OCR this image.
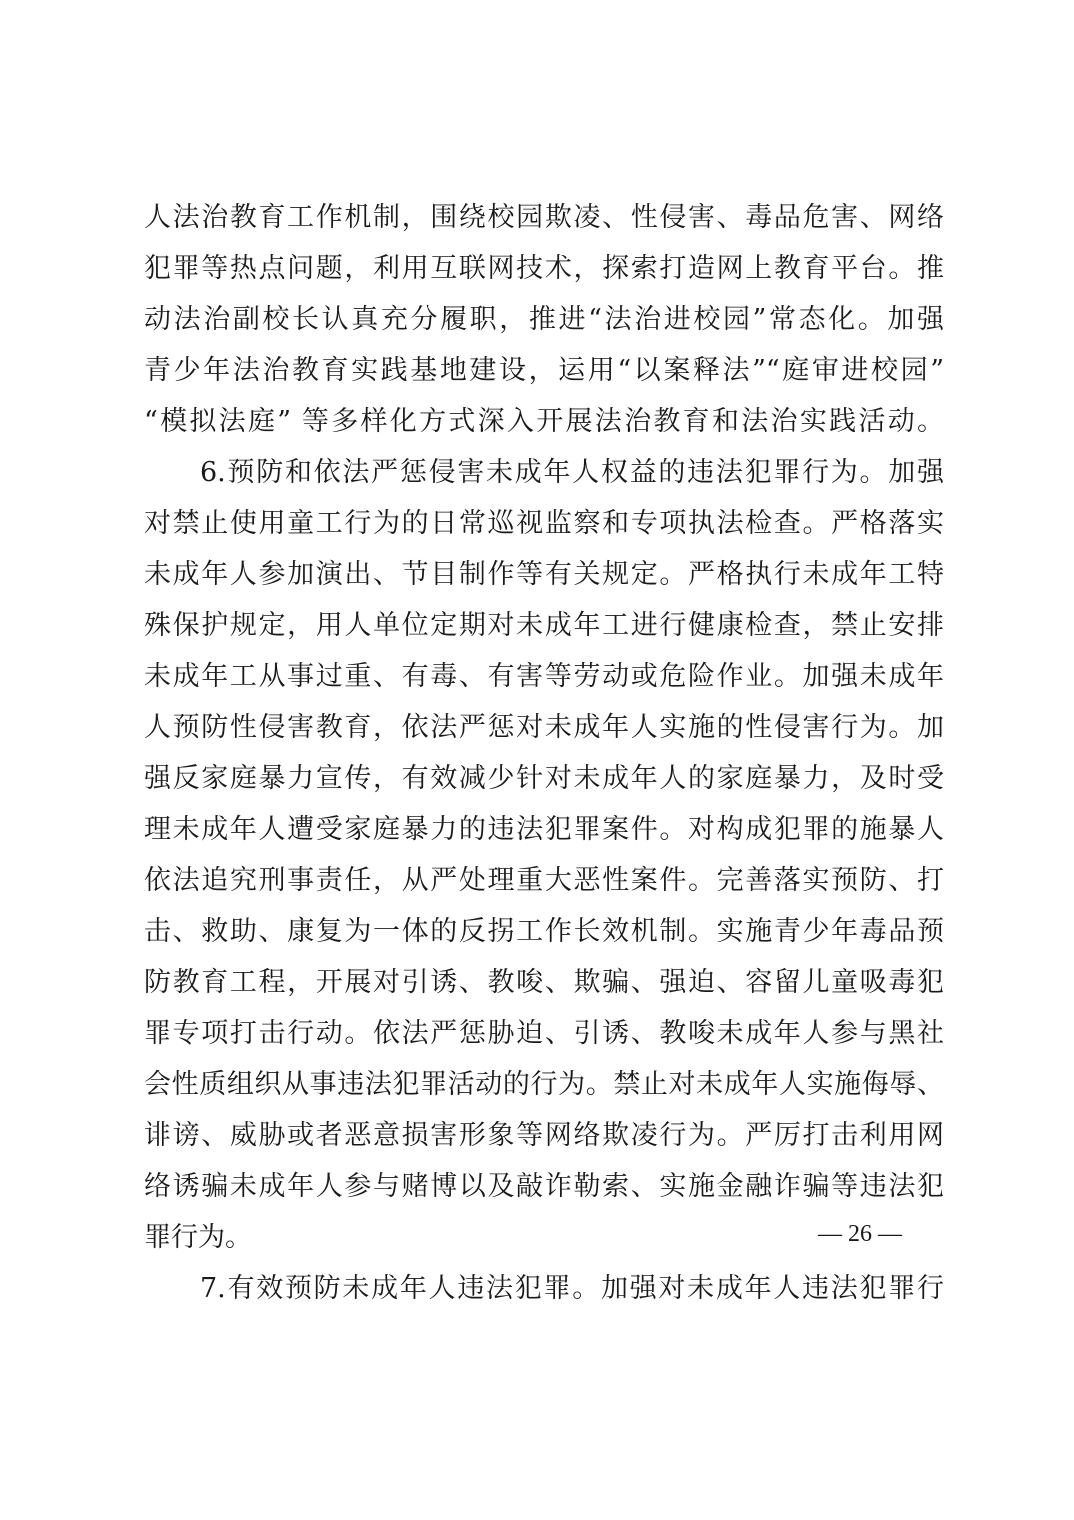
人法治教育工作机制，围绕校园欺凌、性侵害、毒品危害、网络
犯罪等热点问题，利用互联网技术，探索打造网上教育平台。推
动法治副校长认真充分履职，推进“法治进校园”常态化。加强
青少年法治教育实践基地建设，运用“以案释法”“庭审进校园”
“模拟法庭” 等多样化方式深入开展法治教育和法治实践活动。
6.预防和依法严惩侵害未成年人权益的违法犯罪行为。加强
对禁止使用童工行为的日常巡视监察和专项执法检查。严格落实
未成年人参加演出、节目制作等有关规定。严格执行未成年工特
殊保护规定，用人单位定期对未成年工进行健康检查，禁止安排
未成年工从事过重、有毒、有害等劳动或危险作业。加强未成年
人预防性侵害教育，依法严惩对未成年人实施的性侵害行为。加
强反家庭暴力宣传，有效减少针对未成年人的家庭暴力，及时受
理未成年人遭受家庭暴力的违法犯罪案件。对构成犯罪的施暴人
依法追究刑事责任，从严处理重大恶性案件。完善落实预防、打
击、救助、康复为一体的反拐工作长效机制。实施青少年毒品预
防教育工程，开展对引诱、教唆、欺骗、强迫、容留儿童吸毒犯
罪专项打击行动。依法严惩胁迫、引诱、教唆未成年人参与黑社
会性质组织从事违法犯罪活动的行为。禁止对未成年人实施侮辱、
诽谤、威胁或者恶意损害形象等网络欺凌行为。严厉打击利用网
络诱骗未成年人参与赌博以及敲诈勒索、实施金融诈骗等违法犯
罪行为。
7.有效预防未成年人违法犯罪。加强对未成年人违法犯罪行
— 26 —
